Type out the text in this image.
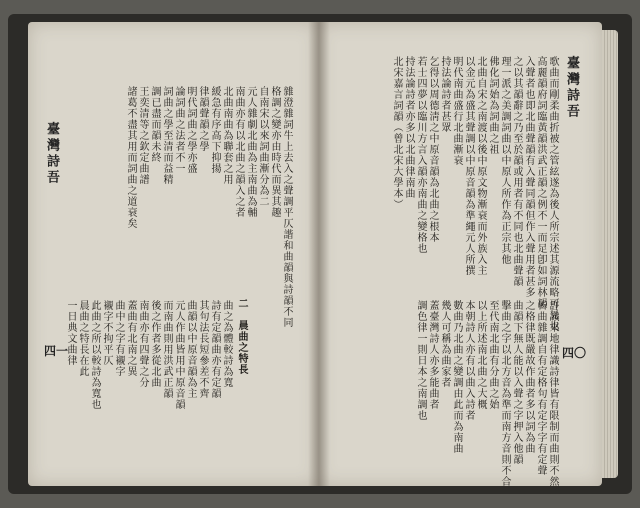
臺灣詩吾
四〇
歌曲而剛柔曲折被之管絃遂為後人所宗述其源流略可見也
高麗韻府詞臨黃韻洪武正韻之例不一而足卽如詞林韻
入聲者也即北曲聲韻有入聲同韻但作入聲用者甚多
之以其韻辭之乃至於韻或用者有不同也北曲聲韻
理一派之美調詞曲以中原人所作為正宗其他
佛化詞始為詞曲之祖
北曲自宋之南渡以後中原文物漸衰而外族入主
以金元為盛其聲調以中原音韻為準繩元人所撰
明代南曲盛行北曲漸衰
持法論詩者甚眾
乞得以周德淸之中原音韻為北曲之根本
若士四夢以臨川方言入韻亦南曲之變格也
持法論詩者亦多以北曲律南曲
北宋嘉言詞韻（曾北宋大學本）
許識來地律識詩律皆有限制而曲則不然
皆曲雜調自有定格句有定字字有定聲
之格律既嚴故作曲者多以詞為曲
曲韻下無人能以入聲之字押入他韻
擊曲之字以北方音為準而南方音則不合
至代南北曲有分曲之始
以上所述南北曲之大概
本朝詩人亦有以曲入詩者
數曲乃北曲之變調由此而為南曲
幾人可稱為曲家者
蓋臺灣詩人亦多能曲者
調色律一則日本之南調也
臺灣詩吾
四一
雜澄雜詞牛上去入之聲調平仄諧和曲韻與詩韻不同
格調之變亦由時代而異其趣
自南宋以來詞曲漸分為二
元人雜劇北曲為主南曲為輔
南曲亦有以北曲之韻入之者
北曲南曲為聯套之用
緩急有序高下抑揚
律韻聲韻之學
明代詞曲之學亦盛
論詞曲之法者不一
詞曲之學至清而益精
調已盡而韻未終
王奕清等之欽定曲譜
諸葛不盡其用而詞曲之道衰矣
二　晨曲之特長
曲之為體較詩為寬
詩有定韻曲亦有定韻
其句法長短參差不齊
曲韻以中原音韻為主
元人作曲皆用中原音韻
而南曲則用洪武正韻
後之作者多從北曲
南曲亦有四聲之分
蓋曲有北南之異
曲中之字有襯字
襯字不拘平仄
此曲之所以較詩為寬也
晨曲之特長在此
一日典文曲律
